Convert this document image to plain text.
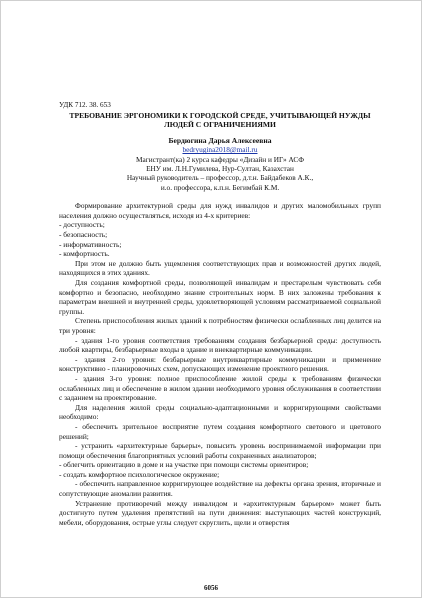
УДК 712. 38. 653
ТРЕБОВАНИЕ ЭРГОНОМИКИ К ГОРОДСКОЙ СРЕДЕ, УЧИТЫВАЮЩЕЙ НУЖДЫ ЛЮДЕЙ С ОГРАНИЧЕНИЯМИ
Бердюгина Дарья Алексеевна
bedryugina2018@mail.ru
Магистрант(ка) 2 курса кафедры «Дизайн и ИГ» АСФ
ЕНУ им. Л.Н.Гумилева, Нур-Султан, Казахстан
Научный руководитель – профессор, д.т.н. Байдабеков А.К.,
и.о. профессора, к.п.н. Бегимбай К.М.

Формирование архитектурной среды для нужд инвалидов и других маломобильных групп населения должно осуществляться, исходя из 4-х критериев:

- доступность;

- безопасность;

- информативность;

- комфортность.

При этом не должно быть ущемления соответствующих прав и возможностей других людей, находящихся в этих зданиях.

Для создания комфортной среды, позволяющей инвалидам и престарелым чувствовать себя комфортно и безопасно, необходимо знание строительных норм. В них заложены требования к параметрам внешней и внутренней среды, удовлетворяющей условиям рассматриваемой социальной группы.

Степень приспособления жилых зданий к потребностям физически ослабленных лиц делится на три уровня:

- здания 1-го уровня соответствия требованиям создания безбарьерной среды: доступность любой квартиры, безбарьерные входы в здание и внеквартирные коммуникации.

- здания 2-го уровня: безбарьерные внутриквартирные коммуникации и применение конструктивно - планировочных схем, допускающих изменение проектного решения.

- здания 3-го уровня: полное приспособление жилой среды к требованиям физически ослабленных лиц и обеспечение в жилом здании необходимого уровня обслуживания в соответствии с заданием на проектирование.

Для наделения жилой среды социально-адаптационными и корригирующими свойствами необходимо:

- обеспечить зрительное восприятие путем создания комфортного светового и цветового решений;

- устранить «архитектурные барьеры», повысить уровень воспринимаемой информации при помощи обеспечения благоприятных условий работы сохраненных анализаторов;

- облегчить ориентацию в доме и на участке при помощи системы ориентиров;

- создать комфортное психологическое окружение;

- обеспечить направленное корригирующее воздействие на дефекты органа зрения, вторичные и сопутствующие аномалии развития.

Устранение противоречий между инвалидом и «архитектурным барьером» может быть достигнуто путем удаления препятствий на пути движения: выступающих частей конструкций, мебели, оборудования, острые углы следует скруглить, щели и отверстия

6056
